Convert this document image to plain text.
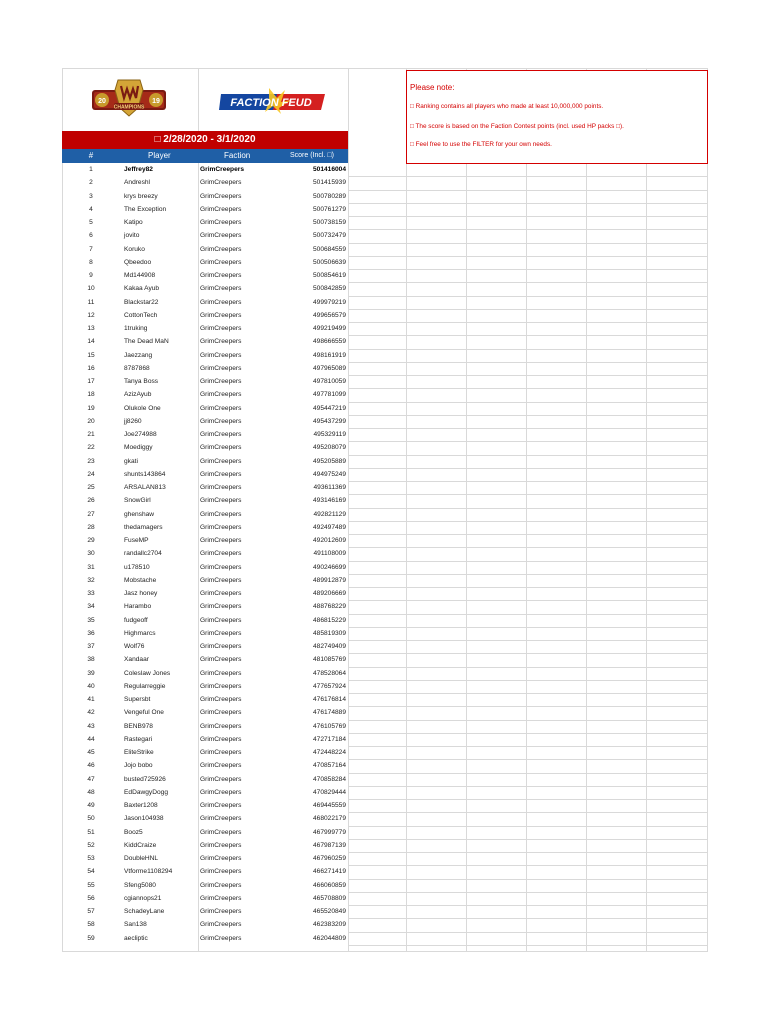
20	19
CHAMPIONS	FACTION FEUD
□ 2/28/2020 - 3/1/2020
#	Player	Faction	Score (Incl. □)
1	Jeffrey82	GrimCreepers	501416004
2	Andreshl	GrimCreepers	501415939
3	krys breezy	GrimCreepers	500780289
4	The Exception	GrimCreepers	500761279
5	Katipo	GrimCreepers	500738159
6	jovito	GrimCreepers	500732479
7	Koruko	GrimCreepers	500684559
8	Qbeedoo	GrimCreepers	500506639
9	Md144908	GrimCreepers	500854619
10	Kakaa Ayub	GrimCreepers	500842859
11	Blackstar22	GrimCreepers	499979219
12	CottonTech	GrimCreepers	499656579
13	1truking	GrimCreepers	499219499
14	The Dead MaN	GrimCreepers	498666559
15	Jaezzang	GrimCreepers	498161919
16	8787868	GrimCreepers	497965089
17	Tanya Boss	GrimCreepers	497810059
18	AzizAyub	GrimCreepers	497781099
19	Olukole One	GrimCreepers	495447219
20	jj8260	GrimCreepers	495437299
21	Joe274988	GrimCreepers	495329119
22	Moediggy	GrimCreepers	495208079
23	gkati	GrimCreepers	495205889
24	shunts143864	GrimCreepers	494975249
25	ARSALAN813	GrimCreepers	493611369
26	SnowGirl	GrimCreepers	493146169
27	ghenshaw	GrimCreepers	492821129
28	thedamagers	GrimCreepers	492497489
29	FuseMP	GrimCreepers	492012609
30	randallc2704	GrimCreepers	491108009
31	u178510	GrimCreepers	490246699
32	Mobstache	GrimCreepers	489912879
33	Jasz honey	GrimCreepers	489206669
34	Harambo	GrimCreepers	488768229
35	fudgeoff	GrimCreepers	486815229
36	Highmarcs	GrimCreepers	485819309
37	Wolf76	GrimCreepers	482749409
38	Xandaar	GrimCreepers	481085769
39	Coleslaw Jones	GrimCreepers	478528064
40	Regularreggie	GrimCreepers	477657924
41	Supersbt	GrimCreepers	476176814
42	Vengeful One	GrimCreepers	476174889
43	BENB978	GrimCreepers	476105769
44	Rastegari	GrimCreepers	472717184
45	EliteStrike	GrimCreepers	472448224
46	Jojo bobo	GrimCreepers	470857164
47	busted725926	GrimCreepers	470858284
48	EdDawgyDogg	GrimCreepers	470829444
49	Baxter1208	GrimCreepers	469445559
50	Jason104938	GrimCreepers	468022179
51	Booz5	GrimCreepers	467999779
52	KiddCraize	GrimCreepers	467987139
53	DoubleHNL	GrimCreepers	467960259
54	Vtforme1108294	GrimCreepers	466271419
55	Sfeng5080	GrimCreepers	466060859
56	cgiannops21	GrimCreepers	465708809
57	SchadeyLane	GrimCreepers	465520849
58	San138	GrimCreepers	462383209
59	aecliptic	GrimCreepers	462044809
Please note:
□ Ranking contains all players who made at least 10,000,000 points.
□ The score is based on the Faction Contest points (incl. used HP packs □).
□ Feel free to use the FILTER for your own needs.
